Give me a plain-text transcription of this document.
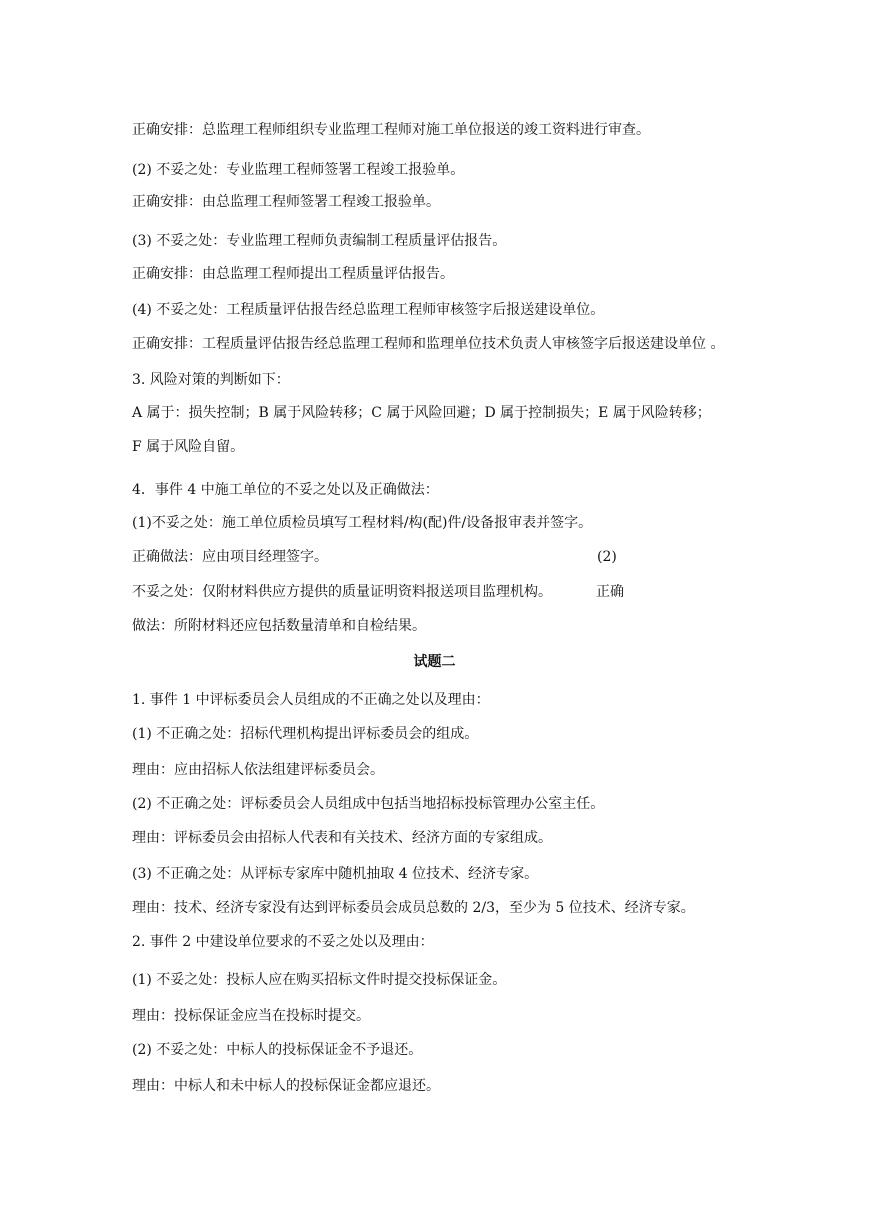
正确安排：总监理工程师组织专业监理工程师对施工单位报送的竣工资料进行审查。
(2) 不妥之处：专业监理工程师签署工程竣工报验单。
正确安排：由总监理工程师签署工程竣工报验单。
(3) 不妥之处：专业监理工程师负责编制工程质量评估报告。
正确安排：由总监理工程师提出工程质量评估报告。
(4) 不妥之处：工程质量评估报告经总监理工程师审核签字后报送建设单位。
正确安排：工程质量评估报告经总监理工程师和监理单位技术负责人审核签字后报送建设单位 。
3. 风险对策的判断如下：
A 属于：损失控制；B 属于风险转移；C 属于风险回避；D 属于控制损失；E 属于风险转移；
F 属于风险自留。
4．事件 4 中施工单位的不妥之处以及正确做法：
(1)不妥之处：施工单位质检员填写工程材料/构(配)件/设备报审表并签字。
正确做法：应由项目经理签字。	(2)
不妥之处：仅附材料供应方提供的质量证明资料报送项目监理机构。	正确
做法：所附材料还应包括数量清单和自检结果。
试题二
1. 事件 1 中评标委员会人员组成的不正确之处以及理由：
(1) 不正确之处：招标代理机构提出评标委员会的组成。
理由：应由招标人依法组建评标委员会。
(2) 不正确之处：评标委员会人员组成中包括当地招标投标管理办公室主任。
理由：评标委员会由招标人代表和有关技术、经济方面的专家组成。
(3) 不正确之处：从评标专家库中随机抽取 4 位技术、经济专家。
理由：技术、经济专家没有达到评标委员会成员总数的 2/3，至少为 5 位技术、经济专家。
2. 事件 2 中建设单位要求的不妥之处以及理由：
(1) 不妥之处：投标人应在购买招标文件时提交投标保证金。
理由：投标保证金应当在投标时提交。
(2) 不妥之处：中标人的投标保证金不予退还。
理由：中标人和未中标人的投标保证金都应退还。
